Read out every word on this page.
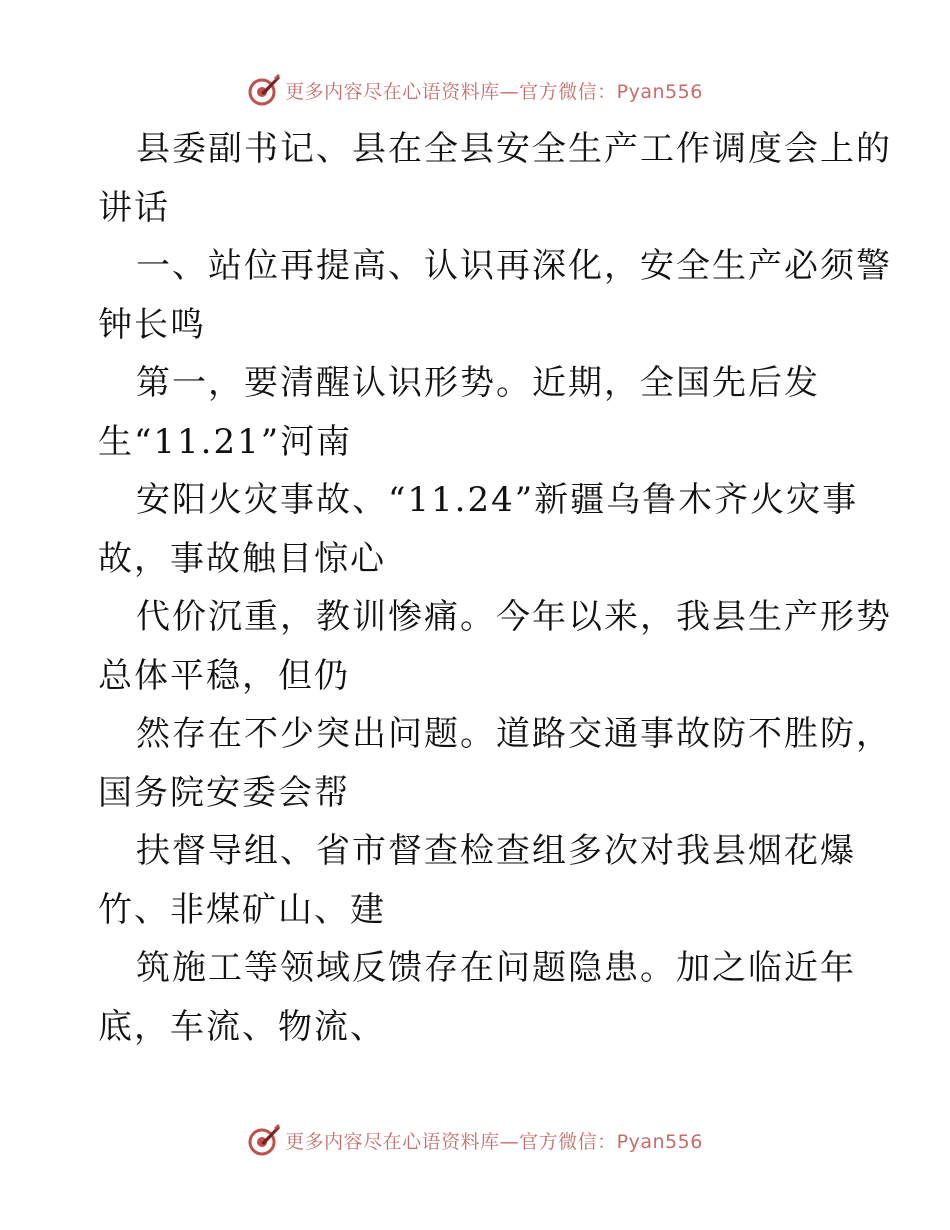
更多内容尽在心语资料库—官方微信：Pyan556
县委副书记、县在全县安全生产工作调度会上的
讲话
一、站位再提高、认识再深化，安全生产必须警
钟长鸣
第一，要清醒认识形势。近期，全国先后发
生“11.21”河南
安阳火灾事故、“11.24”新疆乌鲁木齐火灾事
故，事故触目惊心
代价沉重，教训惨痛。今年以来，我县生产形势
总体平稳，但仍
然存在不少突出问题。道路交通事故防不胜防，
国务院安委会帮
扶督导组、省市督查检查组多次对我县烟花爆
竹、非煤矿山、建
筑施工等领域反馈存在问题隐患。加之临近年
底，车流、物流、
更多内容尽在心语资料库—官方微信：Pyan556
